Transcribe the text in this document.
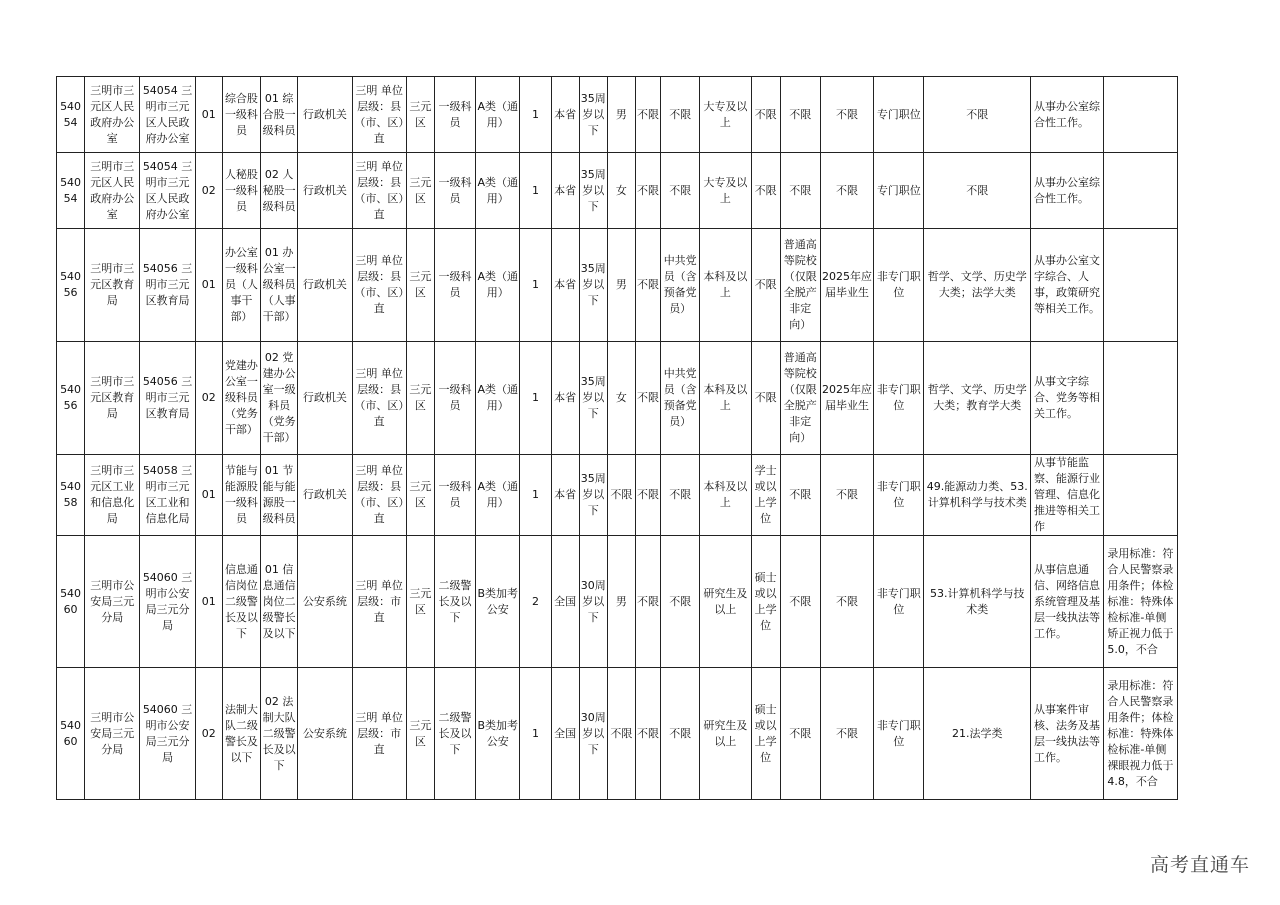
54054	三明市三元区人民政府办公室	54054 三明市三元区人民政府办公室	01	综合股一级科员	01 综合股一级科员	行政机关	三明 单位层级：县（市、区）直	三元区	一级科员	A类（通用）	1	本省	35周岁以下	男	不限	不限	大专及以上	不限	不限	不限	专门职位	不限	从事办公室综合性工作。	
54054	三明市三元区人民政府办公室	54054 三明市三元区人民政府办公室	02	人秘股一级科员	02 人秘股一级科员	行政机关	三明 单位层级：县（市、区）直	三元区	一级科员	A类（通用）	1	本省	35周岁以下	女	不限	不限	大专及以上	不限	不限	不限	专门职位	不限	从事办公室综合性工作。	
54056	三明市三元区教育局	54056 三明市三元区教育局	01	办公室一级科员（人事干部）	01 办公室一级科员（人事干部）	行政机关	三明 单位层级：县（市、区）直	三元区	一级科员	A类（通用）	1	本省	35周岁以下	男	不限	中共党员（含预备党员）	本科及以上	不限	普通高等院校（仅限全脱产非定向）	2025年应届毕业生	非专门职位	哲学、文学、历史学大类；法学大类	从事办公室文字综合、人事，政策研究等相关工作。	
54056	三明市三元区教育局	54056 三明市三元区教育局	02	党建办公室一级科员（党务干部）	02 党建办公室一级科员（党务干部）	行政机关	三明 单位层级：县（市、区）直	三元区	一级科员	A类（通用）	1	本省	35周岁以下	女	不限	中共党员（含预备党员）	本科及以上	不限	普通高等院校（仅限全脱产非定向）	2025年应届毕业生	非专门职位	哲学、文学、历史学大类；教育学大类	从事文字综合、党务等相关工作。	
54058	三明市三元区工业和信息化局	54058 三明市三元区工业和信息化局	01	节能与能源股一级科员	01 节能与能源股一级科员	行政机关	三明 单位层级：县（市、区）直	三元区	一级科员	A类（通用）	1	本省	35周岁以下	不限	不限	不限	本科及以上	学士或以上学位	不限	不限	非专门职位	49.能源动力类、53.计算机科学与技术类	从事节能监察、能源行业管理、信息化推进等相关工作	
54060	三明市公安局三元分局	54060 三明市公安局三元分局	01	信息通信岗位二级警长及以下	01 信息通信岗位二级警长及以下	公安系统	三明 单位层级：市直	三元区	二级警长及以下	B类加考公安	2	全国	30周岁以下	男	不限	不限	研究生及以上	硕士或以上学位	不限	不限	非专门职位	53.计算机科学与技术类	从事信息通信、网络信息系统管理及基层一线执法等工作。	录用标准：符合人民警察录用条件；体检标准：特殊体检标准-单侧矫正视力低于5.0，不合
54060	三明市公安局三元分局	54060 三明市公安局三元分局	02	法制大队二级警长及以下	02 法制大队二级警长及以下	公安系统	三明 单位层级：市直	三元区	二级警长及以下	B类加考公安	1	全国	30周岁以下	不限	不限	不限	研究生及以上	硕士或以上学位	不限	不限	非专门职位	21.法学类	从事案件审核、法务及基层一线执法等工作。	录用标准：符合人民警察录用条件；体检标准：特殊体检标准-单侧裸眼视力低于4.8，不合
高考直通车
